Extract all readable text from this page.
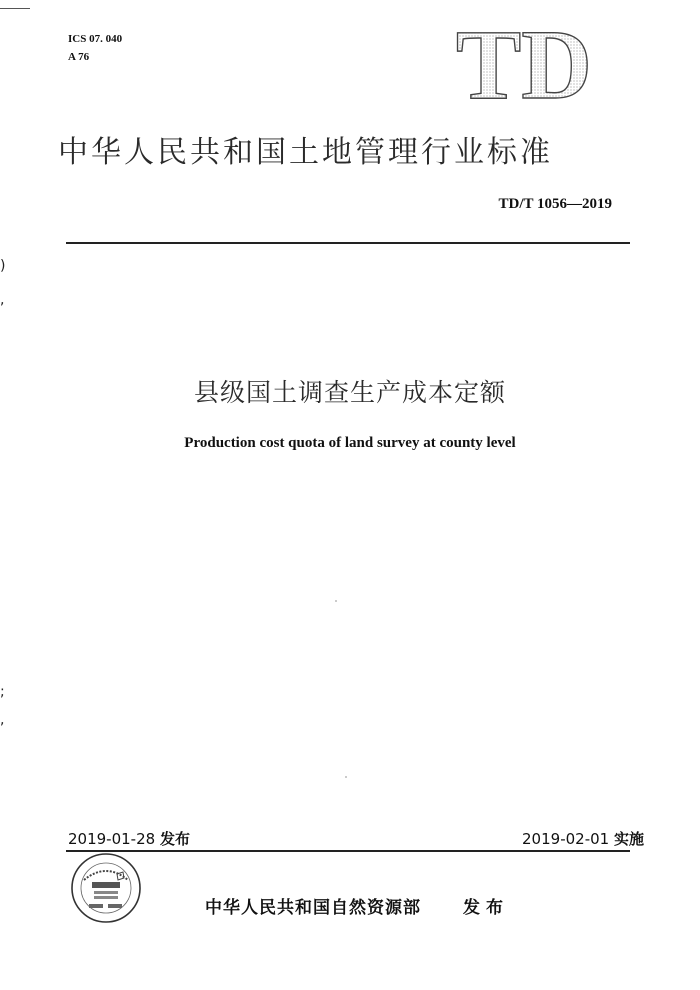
ICS 07. 040
A 76	TD
中华人民共和国土地管理行业标准
TD/T 1056—2019
)
,
;
,
县级国土调查生产成本定额
Production cost quota of land survey at county level
2019-01-28 发布	2019-02-01 实施
中华人民共和国自然资源部 发布
